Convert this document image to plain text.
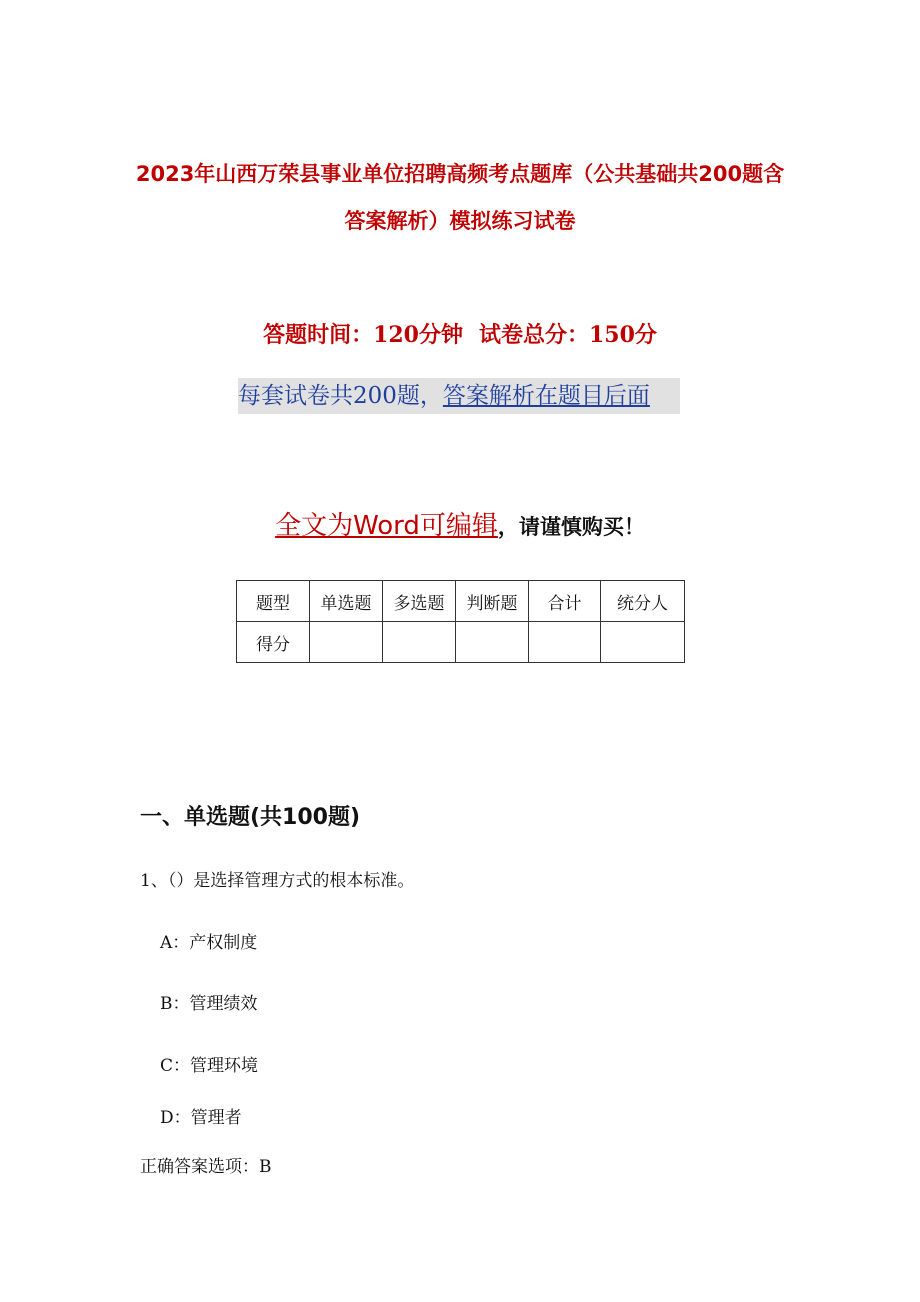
2023年山西万荣县事业单位招聘高频考点题库（公共基础共200题含
答案解析）模拟练习试卷
答题时间：120分钟 试卷总分：150分
每套试卷共200题，答案解析在题目后面
全文为Word可编辑，请谨慎购买！
题型	单选题	多选题	判断题	合计	统分人
得分					
一、单选题(共100题)
1、（）是选择管理方式的根本标准。
A：产权制度
B：管理绩效
C：管理环境
D：管理者
正确答案选项：B
